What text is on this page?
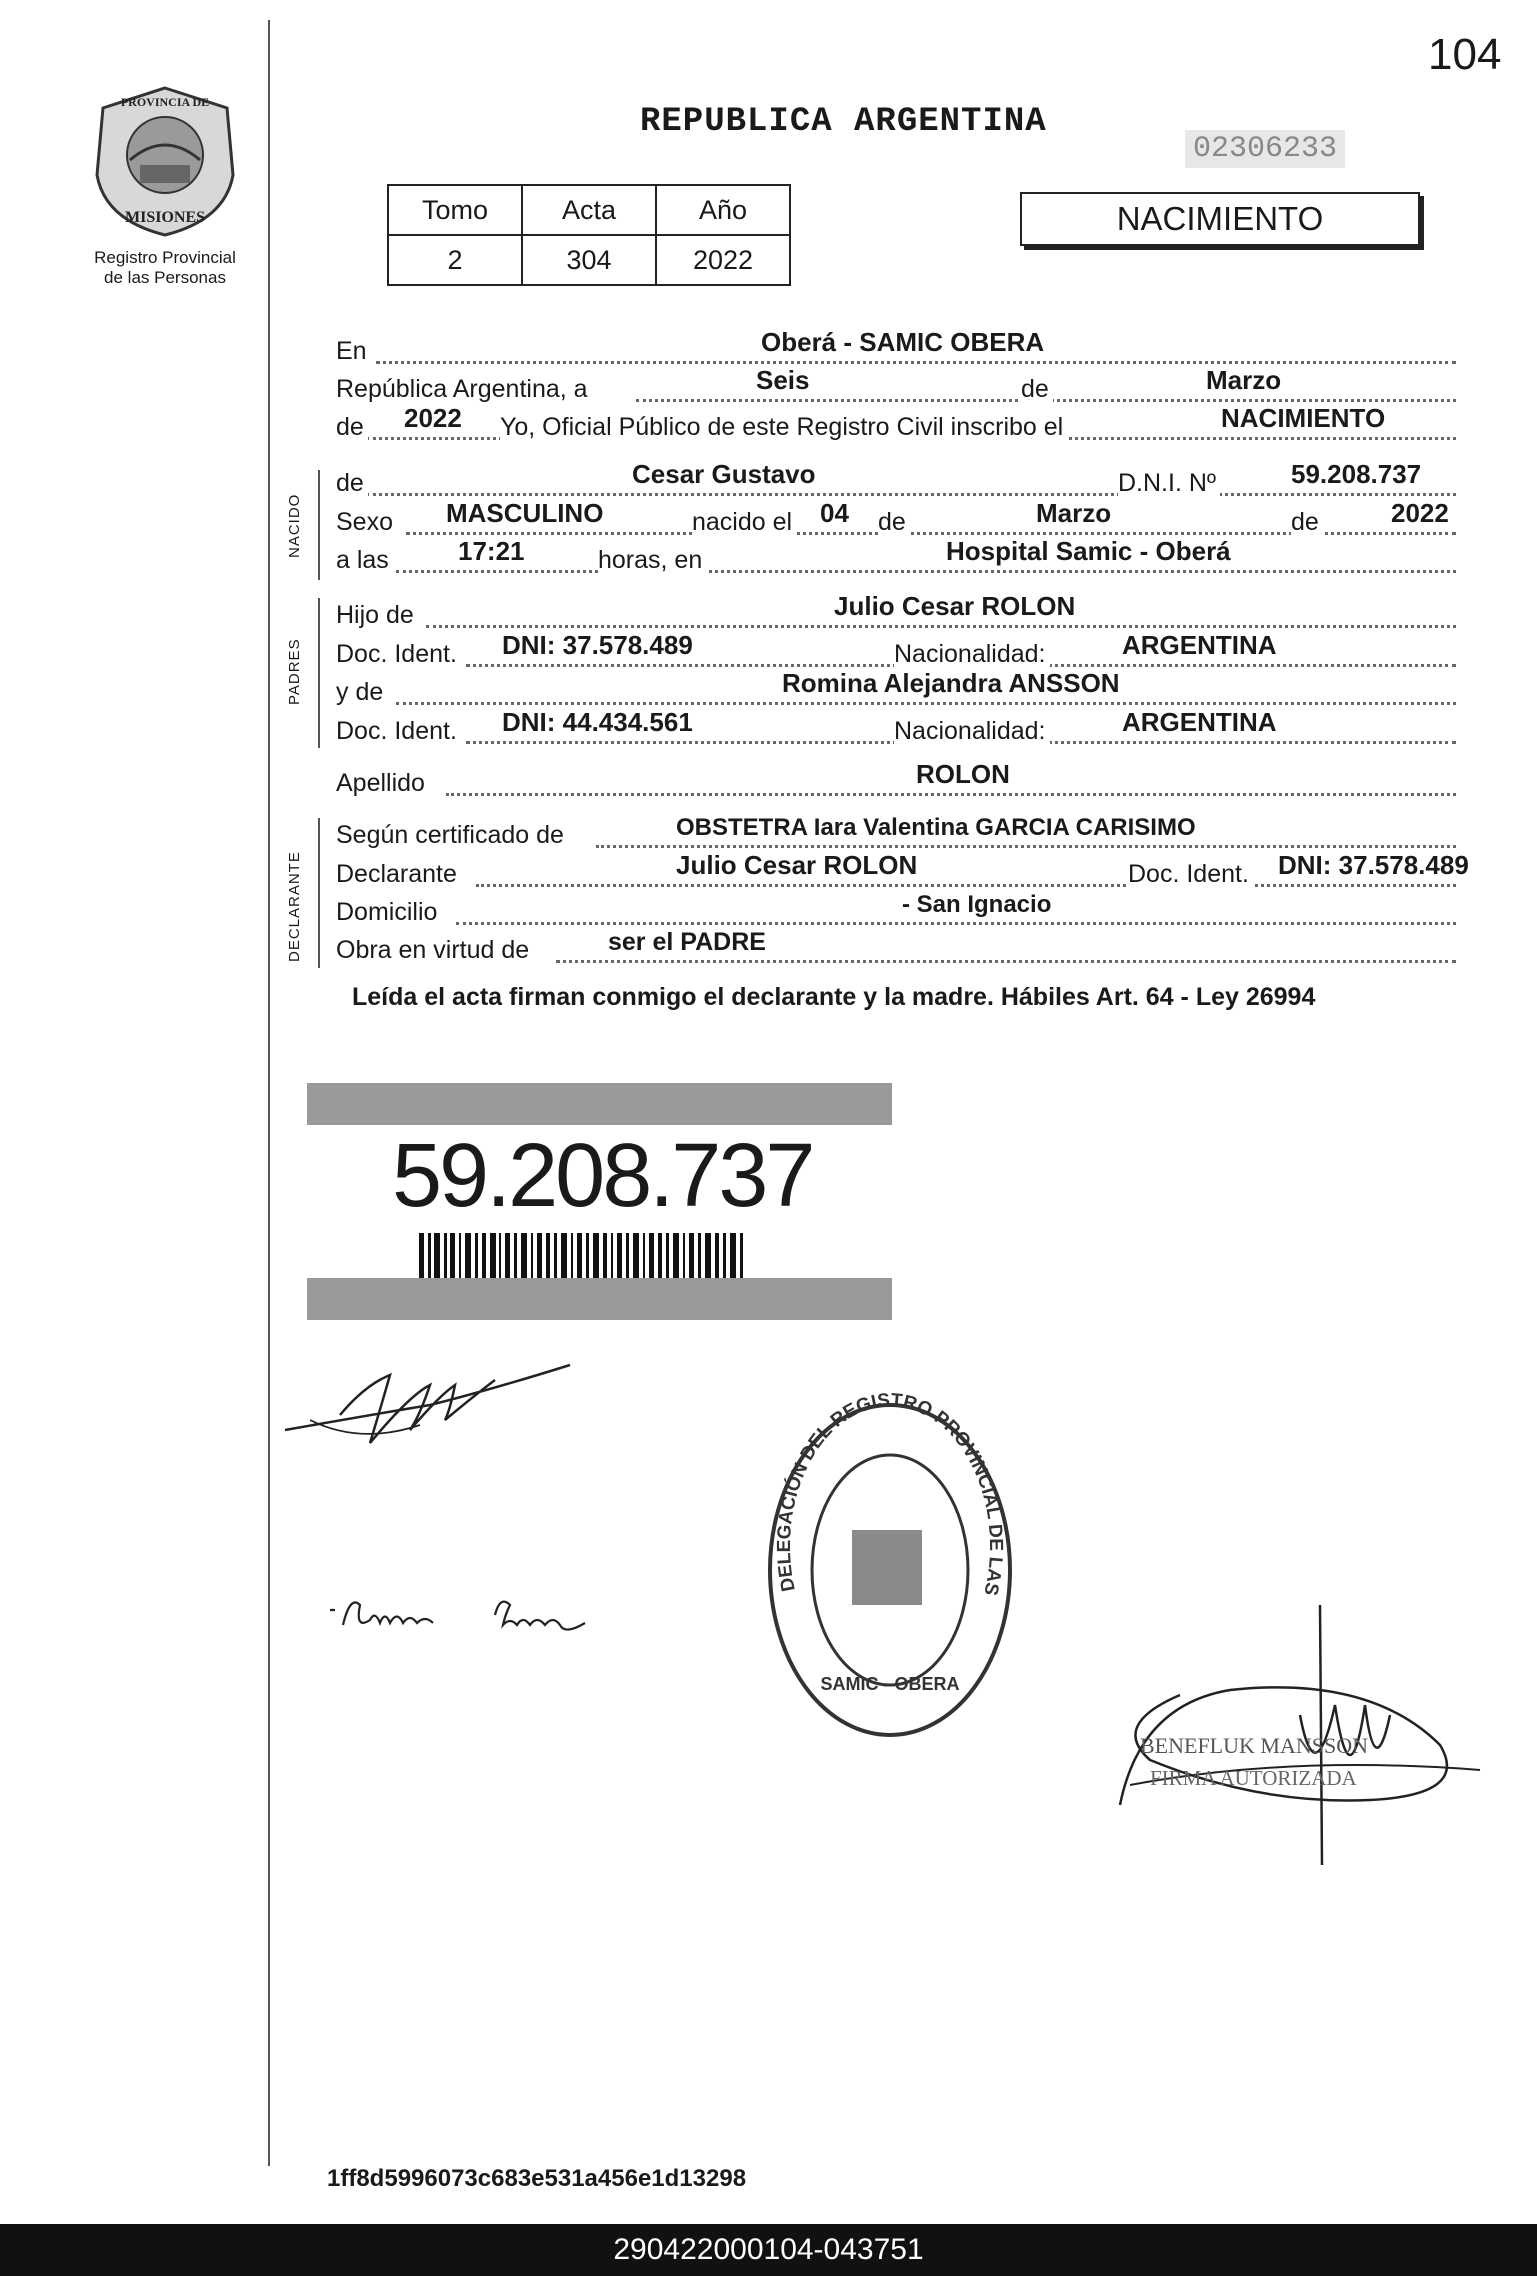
PROVINCIA DE
MISIONES
Registro Provincial
de las Personas
104
REPUBLICA ARGENTINA
02306233
Tomo	Acta	Año
2	304	2022
NACIMIENTO
En	Oberá - SAMIC OBERA
República Argentina, a	Seis	de	Marzo
de 2022 Yo, Oficial Público de este Registro Civil inscribo el	NACIMIENTO
NACIDO
de	Cesar Gustavo	D.N.I. Nº	59.208.737
Sexo MASCULINO	nacido el 04 de	Marzo	de	2022
a las	17:21	horas, en	Hospital Samic - Oberá
PADRES
Hijo de	Julio Cesar ROLON
Doc. Ident. DNI: 37.578.489	Nacionalidad:	ARGENTINA
y de	Romina Alejandra ANSSON
Doc. Ident. DNI: 44.434.561	Nacionalidad:	ARGENTINA
Apellido	ROLON
DECLARANTE
Según certificado de	OBSTETRA Iara Valentina GARCIA CARISIMO
Declarante	Julio Cesar ROLON	Doc. Ident. DNI: 37.578.489
Domicilio	- San Ignacio
Obra en virtud de	ser el PADRE
Leída el acta firman conmigo el declarante y la madre. Hábiles Art. 64 - Ley 26994
59.208.737
DELEGACIÓN DEL REGISTRO PROVINCIAL DE LAS
SAMIC - OBERA
BENEFLUK MANSSON
FIRMA AUTORIZADA
1ff8d5996073c683e531a456e1d13298
290422000104-043751
